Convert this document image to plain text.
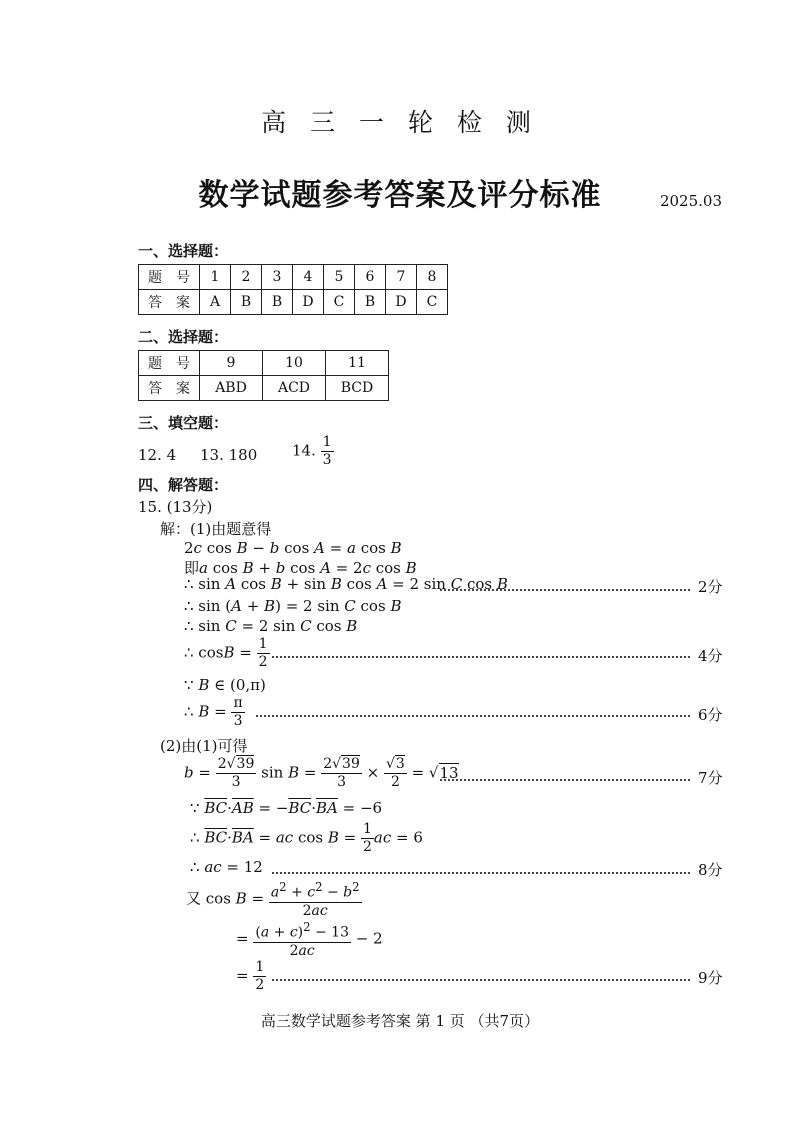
高 三 一 轮 检 测
数学试题参考答案及评分标准	2025.03
一、选择题：
题　号	1	2	3	4	5	6	7	8
答　案	A	B	B	D	C	B	D	C
二、选择题：
题　号	9	10	11
答　案	ABD	ACD	BCD
三、填空题：
12. 4 13. 180 14. $\frac{1}{3}$
四、解答题：
15. (13分)
解：(1)由题意得
2c cos B − b cos A = a cos B
即a cos B + b cos A = 2c cos B
∴ sin A cos B + sin B cos A = 2 sin C cos B	2分
∴ sin (A + B) = 2 sin C cos B
∴ sin C = 2 sin C cos B
∴ $\cos B = \frac{1}{2}$	4分
∵ B ∈ (0,π)
∴ $B = \frac{\pi}{3}$	6分
(2)由(1)可得
$b = \frac{2√39}{3}$ $\sin B = \frac{2√39}{3} \times \frac{√3}{2} = √13$	7分
∵ $\overline{BC}\cdot\overline{AB} = -\overline{BC}\cdot\overline{BA} = -6$
∴ $\overline{BC}\cdot\overline{BA}$ = ac $\cos B = \frac{1}{2}$ ac = 6
∴ ac = 12	8分
又 $\cos B = \frac{a^2 + c^2 - b^2}{2ac}$
= $\frac{(a + c)^2 - 13}{2ac} - 2$
= $\frac{1}{2}$	9分
高三数学试题参考答案 第 1 页 （共7页）
